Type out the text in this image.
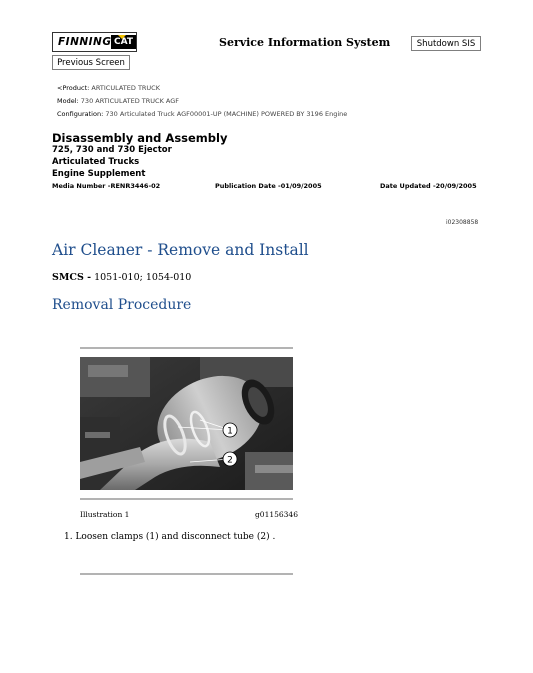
FINNING CAT	Service Information System	Shutdown SIS
Previous Screen
<Product: ARTICULATED TRUCK
Model: 730 ARTICULATED TRUCK AGF
Configuration: 730 Articulated Truck AGF00001-UP (MACHINE) POWERED BY 3196 Engine
Disassembly and Assembly
725, 730 and 730 Ejector
Articulated Trucks
Engine Supplement
Media Number -RENR3446-02	Publication Date -01/09/2005	Date Updated -20/09/2005
i02308858
Air Cleaner - Remove and Install
SMCS - 1051-010; 1054-010
Removal Procedure
1
2
Illustration 1	g01156346
1. Loosen clamps (1) and disconnect tube (2) .
